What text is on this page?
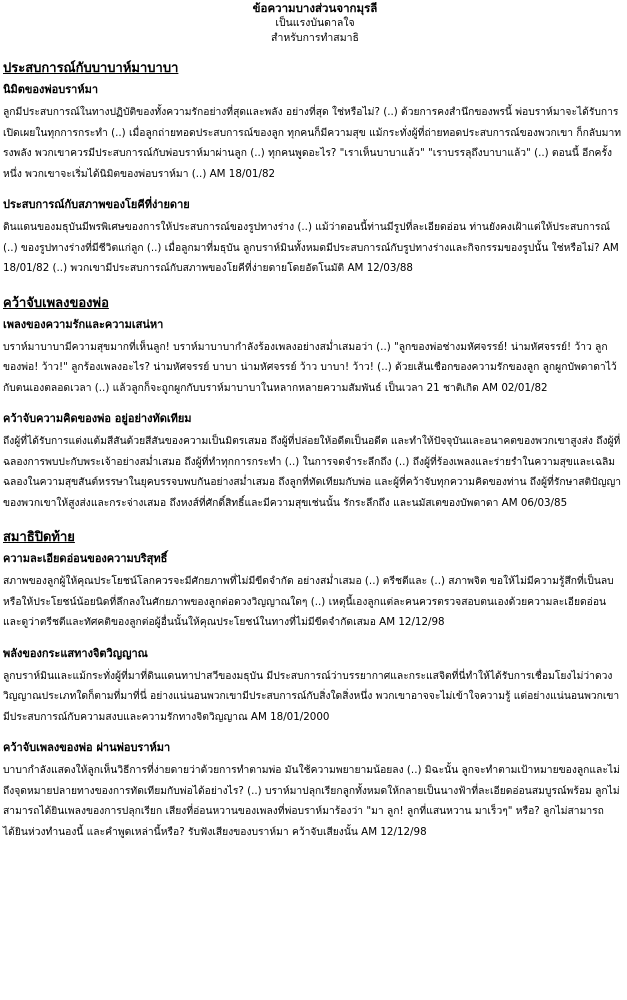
ข้อความบางส่วนจากมุรลี
เป็นแรงบันดาลใจ
สำหรับการทำสมาธิ
ประสบการณ์กับบาบาห์มาบาบา
นิมิตของพ่อบราห์มา

ลูกมีประสบการณ์ในทางปฏิบัติของทั้งความรักอย่างที่สุดและพลัง อย่างที่สุด ใช่หรือไม่? (..) ด้วยการคงสำนึกของพรนี้ พ่อบราห์มาจะได้รับการเปิดเผยในทุกการกระทำ (..) เมื่อลูกถ่ายทอดประสบการณ์ของลูก ทุกคนก็มีความสุข แม้กระทั่งผู้ที่ถ่ายทอดประสบการณ์ของพวกเขา ก็กลับมาทรงพลัง พวกเขาควรมีประสบการณ์กับพ่อบราห์มาผ่านลูก (..) ทุกคนพูดอะไร? "เราเห็นบาบาแล้ว" "เราบรรลุถึงบาบาแล้ว" (..) ตอนนี้ อีกครั้งหนึ่ง พวกเขาจะเริ่มได้นิมิตของพ่อบราห์มา (..) AM 18/01/82

ประสบการณ์กับสภาพของโยคีที่ง่ายดาย

ดินแดนของมธุบันมีพรพิเศษของการให้ประสบการณ์ของรูปทางร่าง (..) แม้ว่าตอนนี้ท่านมีรูปที่ละเอียดอ่อน ท่านยังคงเฝ้าแต่ให้ประสบการณ์ (..) ของรูปทางร่างที่มีชีวิตแก่ลูก (..) เมื่อลูกมาที่มธุบัน ลูกบราห์มินทั้งหมดมีประสบการณ์กับรูปทางร่างและกิจกรรมของรูปนั้น ใช่หรือไม่? AM 18/01/82 (..) พวกเขามีประสบการณ์กับสภาพของโยคีที่ง่ายดายโดยอัตโนมัติ AM 12/03/88

คว้าจับเพลงของพ่อ
เพลงของความรักและความเสน่หา

บราห์มาบาบามีความสุขมากที่เห็นลูก! บราห์มาบาบากำลังร้องเพลงอย่างสม่ำเสมอว่า (..) "ลูกของพ่อช่างมหัศจรรย์! น่ามหัศจรรย์! ว้าว ลูกของพ่อ! ว้าว!" ลูกร้องเพลงอะไร? น่ามหัศจรรย์ บาบา น่ามหัศจรรย์ ว้าว บาบา! ว้าว! (..) ด้วยเส้นเชือกของความรักของลูก ลูกผูกบัพดาดาไว้กับตนเองตลอดเวลา (..) แล้วลูกก็จะถูกผูกกับบราห์มาบาบาในหลากหลายความสัมพันธ์ เป็นเวลา 21 ชาติเกิด AM 02/01/82

คว้าจับความคิดของพ่อ อยู่อย่างทัดเทียม

ถึงผู้ที่ได้รับการแต่งแต้มสีสันด้วยสีสันของความเป็นมิตรเสมอ ถึงผู้ที่ปล่อยให้อดีตเป็นอดีต และทำให้ปัจจุบันและอนาคตของพวกเขาสูงส่ง ถึงผู้ที่ฉลองการพบปะกับพระเจ้าอย่างสม่ำเสมอ ถึงผู้ที่ทำทุกการกระทำ (..) ในการจดจำระลึกถึง (..) ถึงผู้ที่ร้องเพลงและร่ายรำในความสุขและเฉลิมฉลองในความสุขสันต์หรรษาในยุคบรรจบพบกันอย่างสม่ำเสมอ ถึงลูกที่ทัดเทียมกับพ่อ และผู้ที่คว้าจับทุกความคิดของท่าน ถึงผู้ที่รักษาสติปัญญาของพวกเขาให้สูงส่งและกระจ่างเสมอ ถึงหงส์ที่ศักดิ์สิทธิ์และมีความสุขเช่นนั้น รักระลึกถึง และนมัสเตของบัพดาดา AM 06/03/85

สมาธิปิดท้าย
ความละเอียดอ่อนของความบริสุทธิ์

สภาพของลูกผู้ให้คุณประโยชน์โลกควรจะมีศักยภาพที่ไม่มีขีดจำกัด อย่างสม่ำเสมอ (..) ตรีชตีและ (..) สภาพจิต ขอให้ไม่มีความรู้สึกที่เป็นลบหรือให้ประโยชน์น้อยนิดที่ลึกลงในศักยภาพของลูกต่อดวงวิญญาณใดๆ (..) เหตุนี้เองลูกแต่ละคนควรตรวจสอบตนเองด้วยความละเอียดอ่อน และดูว่าตรีชตีและทัศคติของลูกต่อผู้อื่นนั้นให้คุณประโยชน์ในทางที่ไม่มีขีดจำกัดเสมอ AM 12/12/98

พลังของกระแสทางจิตวิญญาณ

ลูกบราห์มินและแม้กระทั่งผู้ที่มาที่ดินแดนทาปาสวีของมธุบัน มีประสบการณ์ว่าบรรยากาศและกระแสจิตที่นี่ทำให้ได้รับการเชื่อมโยงไม่ว่าดวงวิญญาณประเภทใดก็ตามที่มาที่นี่ อย่างแน่นอนพวกเขามีประสบการณ์กับสิ่งใดสิ่งหนึ่ง พวกเขาอาจจะไม่เข้าใจความรู้ แต่อย่างแน่นอนพวกเขามีประสบการณ์กับความสงบและความรักทางจิตวิญญาณ AM 18/01/2000

คว้าจับเพลงของพ่อ ผ่านพ่อบราห์มา

บาบากำลังแสดงให้ลูกเห็นวิธีการที่ง่ายดายว่าด้วยการทำตามพ่อ มันใช้ความพยายามน้อยลง (..) มิฉะนั้น ลูกจะทำตามเป้าหมายของลูกและไม่ถึงจุดหมายปลายทางของการทัดเทียมกับพ่อได้อย่างไร? (..) บราห์มาปลุกเรียกลูกทั้งหมดให้กลายเป็นนางฟ้าที่ละเอียดอ่อนสมบูรณ์พร้อม ลูกไม่สามารถได้ยินเพลงของการปลุกเรียก เสียงที่อ่อนหวานของเพลงที่พ่อบราห์มาร้องว่า "มา ลูก! ลูกที่แสนหวาน มาเร็วๆ" หรือ? ลูกไม่สามารถได้ยินห่วงทำนองนี้ และคำพูดเหล่านี้หรือ? รับฟังเสียงของบราห์มา คว้าจับเสียงนั้น AM 12/12/98
